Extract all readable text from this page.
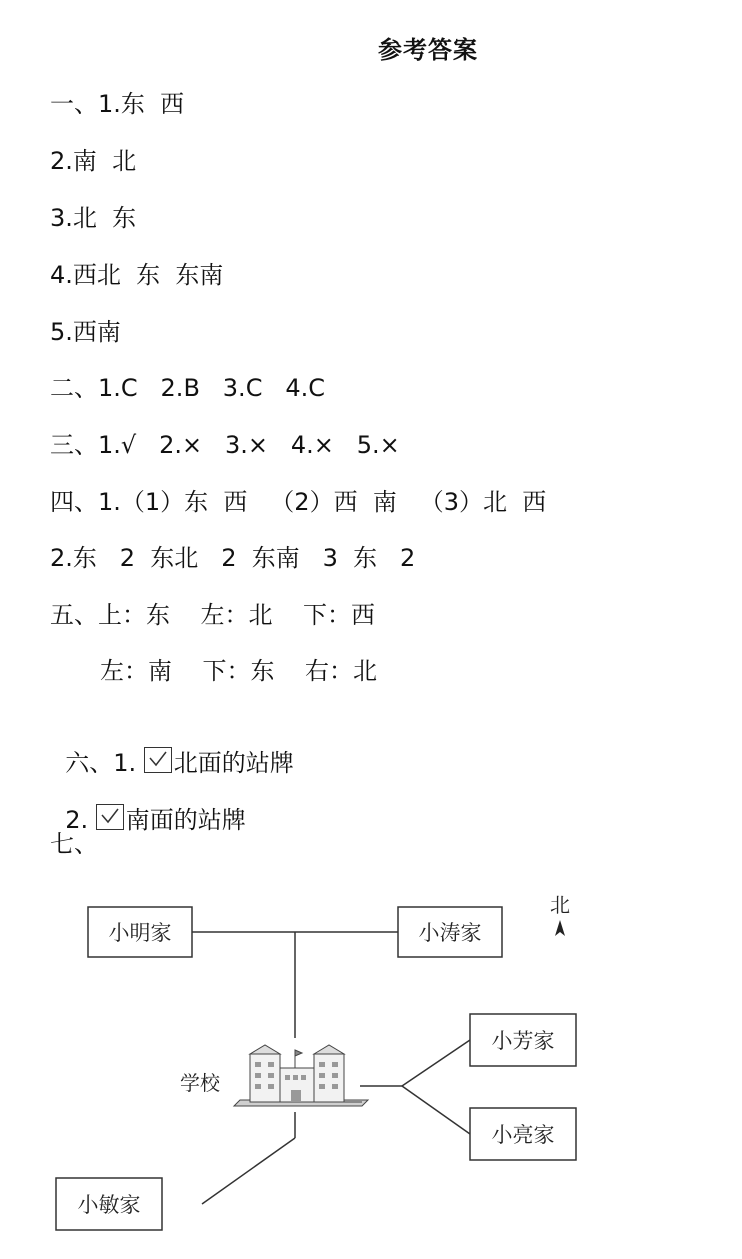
参考答案
一、1.东  西
2.南  北
3.北  东
4.西北  东  东南
5.西南
二、1.C   2.B   3.C   4.C
三、1.√   2.×   3.×   4.×   5.×
四、1.（1）东  西   （2）西  南   （3）北  西
2.东   2  东北   2  东南   3  东   2
五、上：东    左：北    下：西
左：南    下：东    右：北

六、1.
北面的站牌

2.
南面的站牌

七、
小明家	小涛家
小芳家
小亮家
小敏家
北
学校
